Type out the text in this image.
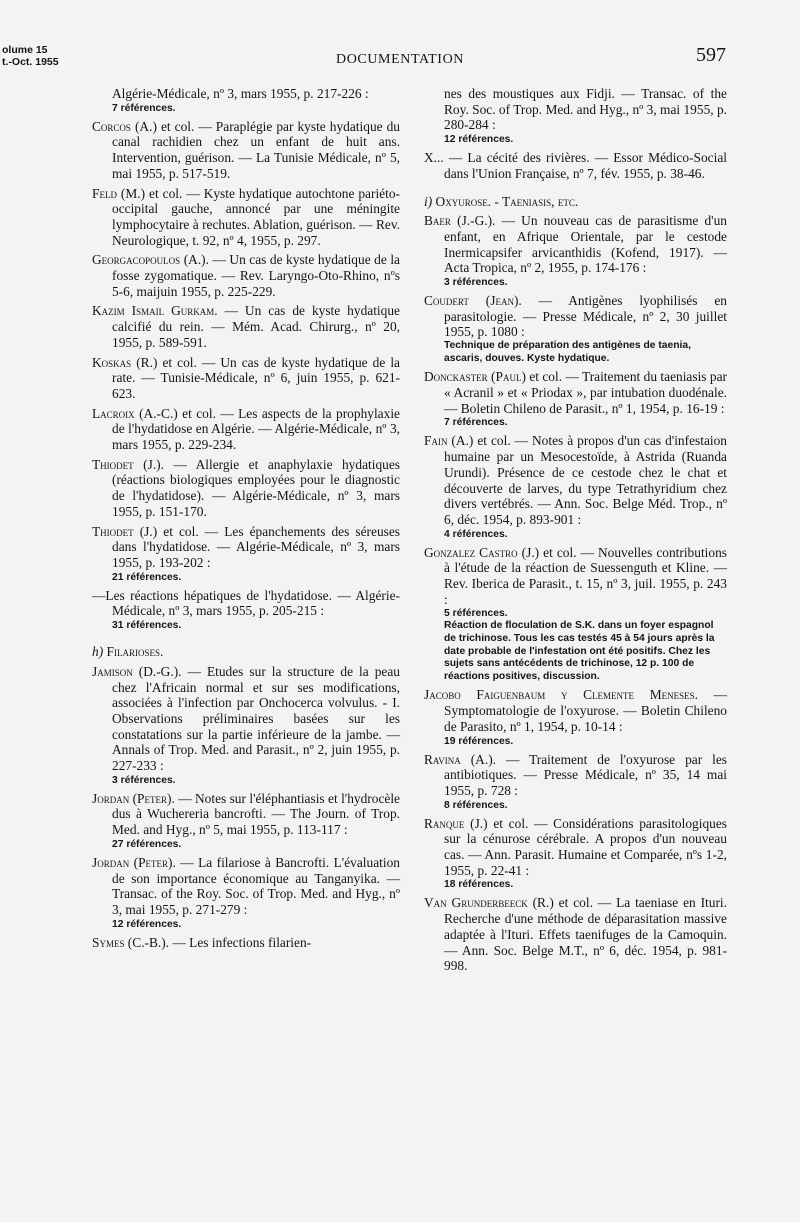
olume 15
t.-Oct. 1955	DOCUMENTATION	597
Algérie-Médicale, nº 3, mars 1955, p. 217-226 :
7 références.
Corcos (A.) et col. — Paraplégie par kyste hydatique du canal rachidien chez un enfant de huit ans. Intervention, guérison. — La Tunisie Médicale, nº 5, mai 1955, p. 517-519.
Feld (M.) et col. — Kyste hydatique autochtone pariéto-occipital gauche, annoncé par une méningite lymphocytaire à rechutes. Ablation, guérison. — Rev. Neurologique, t. 92, nº 4, 1955, p. 297.
Georgacopoulos (A.). — Un cas de kyste hydatique de la fosse zygomatique. — Rev. Laryngo-Oto-Rhino, nºs 5-6, maijuin 1955, p. 225-229.
Kazim Ismail Gurkam. — Un cas de kyste hydatique calcifié du rein. — Mém. Acad. Chirurg., nº 20, 1955, p. 589-591.
Koskas (R.) et col. — Un cas de kyste hydatique de la rate. — Tunisie-Médicale, nº 6, juin 1955, p. 621-623.
Lacroix (A.-C.) et col. — Les aspects de la prophylaxie de l'hydatidose en Algérie. — Algérie-Médicale, nº 3, mars 1955, p. 229-234.
Thiodet (J.). — Allergie et anaphylaxie hydatiques (réactions biologiques employées pour le diagnostic de l'hydatidose). — Algérie-Médicale, nº 3, mars 1955, p. 151-170.
Thiodet (J.) et col. — Les épanchements des séreuses dans l'hydatidose. — Algérie-Médicale, nº 3, mars 1955, p. 193-202 :
21 références.
—Les réactions hépatiques de l'hydatidose. — Algérie-Médicale, nº 3, mars 1955, p. 205-215 :
31 références.
h) Filarioses.
Jamison (D.-G.). — Etudes sur la structure de la peau chez l'Africain normal et sur ses modifications, associées à l'infection par Onchocerca volvulus. - I. Observations préliminaires basées sur les constatations sur la partie inférieure de la jambe. — Annals of Trop. Med. and Parasit., nº 2, juin 1955, p. 227-233 :
3 références.
Jordan (Peter). — Notes sur l'éléphantiasis et l'hydrocèle dus à Wuchereria bancrofti. — The Journ. of Trop. Med. and Hyg., nº 5, mai 1955, p. 113-117 :
27 références.
Jordan (Peter). — La filariose à Bancrofti. L'évaluation de son importance économique au Tanganyika. — Transac. of the Roy. Soc. of Trop. Med. and Hyg., nº 3, mai 1955, p. 271-279 :
12 références.
Symes (C.-B.). — Les infections filarien-
nes des moustiques aux Fidji. — Transac. of the Roy. Soc. of Trop. Med. and Hyg., nº 3, mai 1955, p. 280-284 :
12 références.
X... — La cécité des rivières. — Essor Médico-Social dans l'Union Française, nº 7, fév. 1955, p. 38-46.
i) Oxyurose. - Taeniasis, etc.
Baer (J.-G.). — Un nouveau cas de parasitisme d'un enfant, en Afrique Orientale, par le cestode Inermicapsifer arvicanthidis (Kofend, 1917). — Acta Tropica, nº 2, 1955, p. 174-176 :
3 références.
Coudert (Jean). — Antigènes lyophilisés en parasitologie. — Presse Médicale, nº 2, 30 juillet 1955, p. 1080 :
Technique de préparation des antigènes de taenia, ascaris, douves. Kyste hydatique.
Donckaster (Paul) et col. — Traitement du taeniasis par « Acranil » et « Priodax », par intubation duodénale. — Boletin Chileno de Parasit., nº 1, 1954, p. 16-19 :
7 références.
Fain (A.) et col. — Notes à propos d'un cas d'infestaion humaine par un Mesocestoïde, à Astrida (Ruanda Urundi). Présence de ce cestode chez le chat et découverte de larves, du type Tetrathyridium chez divers vertébrés. — Ann. Soc. Belge Méd. Trop., nº 6, déc. 1954, p. 893-901 :
4 références.
Gonzalez Castro (J.) et col. — Nouvelles contributions à l'étude de la réaction de Suessenguth et Kline. — Rev. Iberica de Parasit., t. 15, nº 3, juil. 1955, p. 243 :
5 références.
Réaction de floculation de S.K. dans un foyer espagnol de trichinose. Tous les cas testés 45 à 54 jours après la date probable de l'infestation ont été positifs. Chez les sujets sans antécédents de trichinose, 12 p. 100 de réactions positives, discussion.
Jacobo Faiguenbaum y Clemente Meneses. — Symptomatologie de l'oxyurose. — Boletin Chileno de Parasito, nº 1, 1954, p. 10-14 :
19 références.
Ravina (A.). — Traitement de l'oxyurose par les antibiotiques. — Presse Médicale, nº 35, 14 mai 1955, p. 728 :
8 références.
Ranque (J.) et col. — Considérations parasitologiques sur la cénurose cérébrale. A propos d'un nouveau cas. — Ann. Parasit. Humaine et Comparée, nºs 1-2, 1955, p. 22-41 :
18 références.
Van Grunderbeeck (R.) et col. — La taeniase en Ituri. Recherche d'une méthode de déparasitation massive adaptée à l'Ituri. Effets taenifuges de la Camoquin. — Ann. Soc. Belge M.T., nº 6, déc. 1954, p. 981-998.
